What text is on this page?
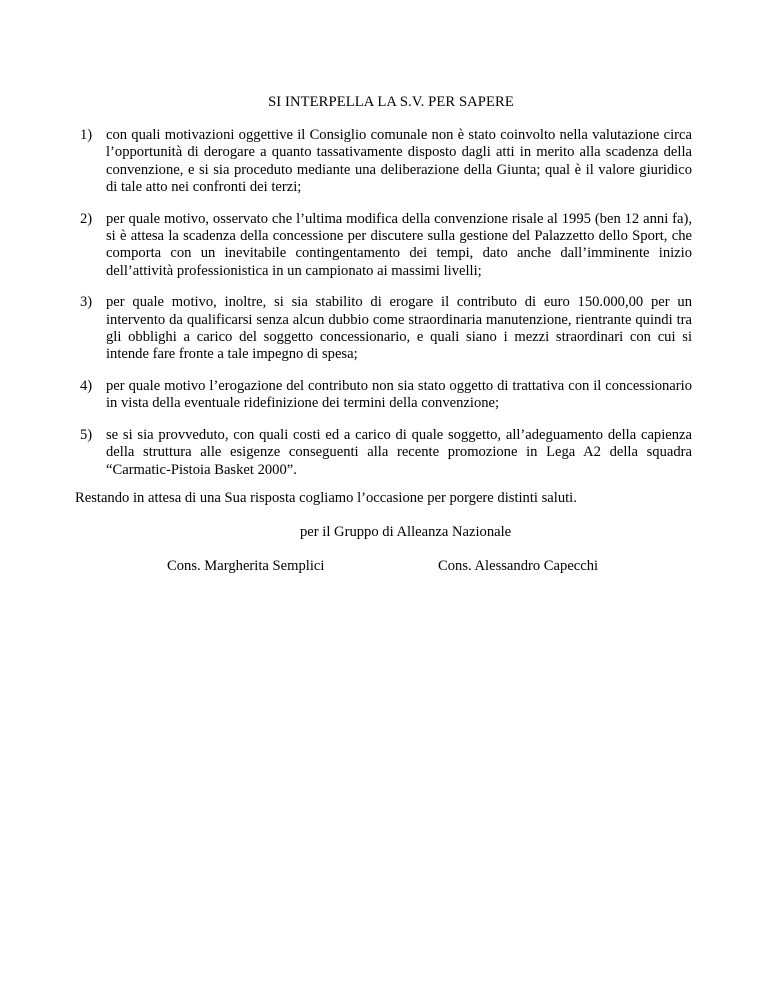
SI INTERPELLA LA S.V. PER SAPERE
1) con quali motivazioni oggettive il Consiglio comunale non è stato coinvolto nella valutazione circa l’opportunità di derogare a quanto tassativamente disposto dagli atti in merito alla scadenza della convenzione, e si sia proceduto mediante una deliberazione della Giunta; qual è il valore giuridico di tale atto nei confronti dei terzi;
2) per quale motivo, osservato che l’ultima modifica della convenzione risale al 1995 (ben 12 anni fa), si è attesa la scadenza della concessione per discutere sulla gestione del Palazzetto dello Sport, che comporta con un inevitabile contingentamento dei tempi, dato anche dall’imminente inizio dell’attività professionistica in un campionato ai massimi livelli;
3) per quale motivo, inoltre, si sia stabilito di erogare il contributo di euro 150.000,00 per un intervento da qualificarsi senza alcun dubbio come straordinaria manutenzione, rientrante quindi tra gli obblighi a carico del soggetto concessionario, e quali siano i mezzi straordinari con cui si intende fare fronte a tale impegno di spesa;
4) per quale motivo l’erogazione del contributo non sia stato oggetto di trattativa con il concessionario in vista della eventuale ridefinizione dei termini della convenzione;
5) se si sia provveduto, con quali costi ed a carico di quale soggetto, all’adeguamento della capienza della struttura alle esigenze conseguenti alla recente promozione in Lega A2 della squadra “Carmatic-Pistoia Basket 2000”.
Restando in attesa di una Sua risposta cogliamo l’occasione per porgere distinti saluti.
per il Gruppo di Alleanza Nazionale
Cons. Margherita Semplici	Cons. Alessandro Capecchi
